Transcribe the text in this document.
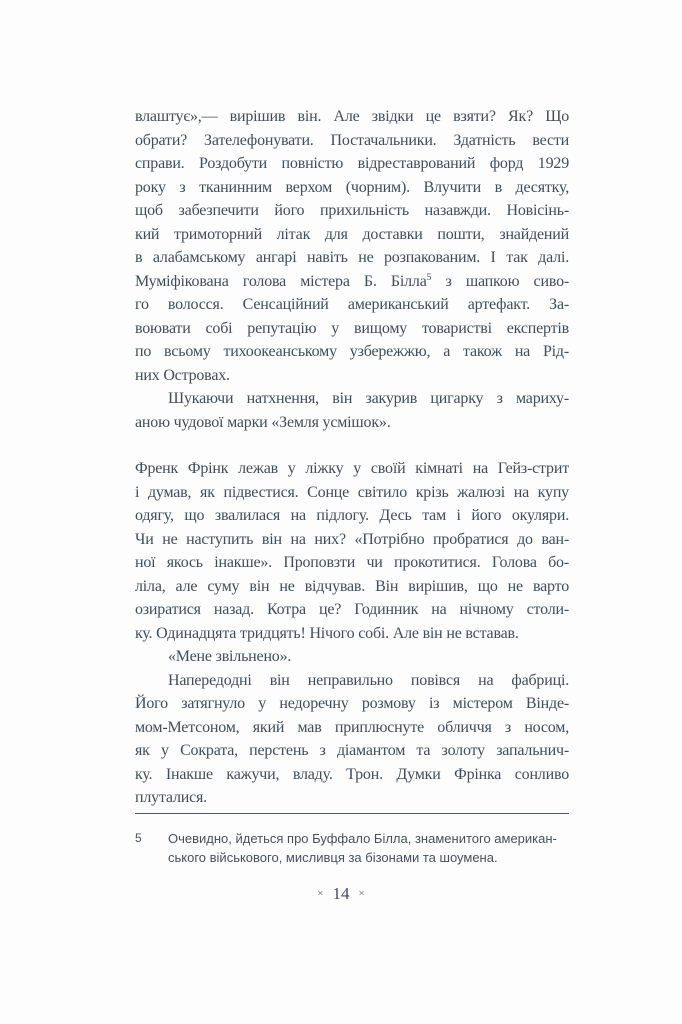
влаштує»,— вирішив він. Але звідки це взяти? Як? Що
обрати? Зателефонувати. Постачальники. Здатність вести
справи. Роздобути повністю відреставрований форд 1929
року з тканинним верхом (чорним). Влучити в десятку,
щоб забезпечити його прихильність назавжди. Новісінь-
кий тримоторний літак для доставки пошти, знайдений
в алабамському ангарі навіть не розпакованим. І так далі.
Муміфікована голова містера Б. Білла$^5$ з шапкою сиво-
го волосся. Сенсаційний американський артефакт. За-
воювати собі репутацію у вищому товаристві експертів
по всьому тихоокеанському узбережжю, а також на Рід-
них Островах.
Шукаючи натхнення, він закурив цигарку з мариху-
аною чудової марки «Земля усмішок».
Френк Фрінк лежав у ліжку у своїй кімнаті на Гейз-стрит
і думав, як підвестися. Сонце світило крізь жалюзі на купу
одягу, що звалилася на підлогу. Десь там і його окуляри.
Чи не наступить він на них? «Потрібно пробратися до ван-
ної якось інакше». Проповзти чи прокотитися. Голова бо-
ліла, але суму він не відчував. Він вирішив, що не варто
озиратися назад. Котра це? Годинник на нічному столи-
ку. Одинадцята тридцять! Нічого собі. Але він не вставав.
«Мене звільнено».
Напередодні він неправильно повівся на фабриці.
Його затягнуло у недоречну розмову із містером Вінде-
мом-Метсоном, який мав приплюснуте обличчя з носом,
як у Сократа, перстень з діамантом та золоту запальнич-
ку. Інакше кажучи, владу. Трон. Думки Фрінка сонливо
плуталися.
5	Очевидно, йдеться про Буффало Білла, знаменитого американ-
ського військового, мисливця за бізонами та шоумена.
× 14 ×
